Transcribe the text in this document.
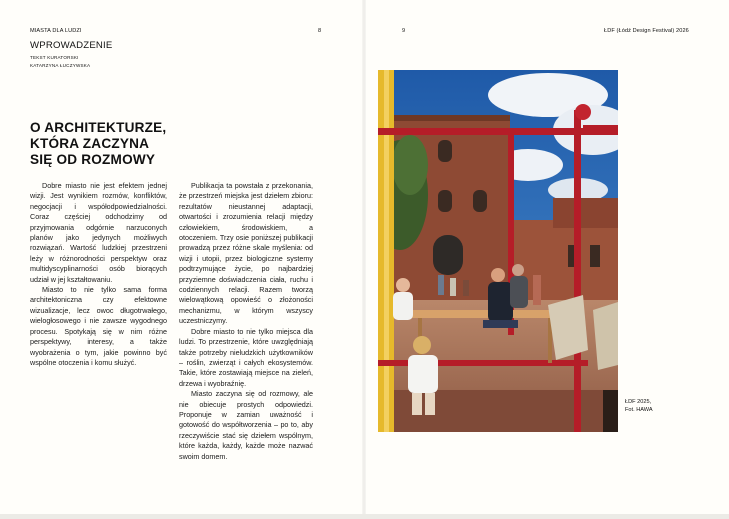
MIASTA DLA LUDZI
WPROWADZENIE
TEKST KURATORSKI
KATARZYNA ŁUCZYWSKA
8
O ARCHITEKTURZE,
KTÓRA ZACZYNA
SIĘ OD ROZMOWY

Dobre miasto nie jest efektem jednej wizji. Jest wynikiem rozmów, konfliktów, negocjacji i współodpowiedzialności. Coraz częściej odchodzimy od przyjmowania odgórnie narzuconych planów jako jedynych możliwych rozwiązań. Wartość ludzkiej przestrzeni leży w różnorodności perspektyw oraz multidyscyplinarności osób biorących udział w jej kształtowaniu.

Miasto to nie tylko sama forma architektoniczna czy efektowne wizualizacje, lecz owoc długotrwałego, wielogłosowego i nie zawsze wygodnego procesu. Spotykają się w nim różne perspektywy, interesy, a także wyobrażenia o tym, jakie powinno być wspólne otoczenia i komu służyć.

Publikacja ta powstała z przekonania, że przestrzeń miejska jest dziełem zbioru: rezultatów nieustannej adaptacji, otwartości i zrozumienia relacji między człowiekiem, środowiskiem, a otoczeniem. Trzy osie poniższej publikacji prowadzą przez różne skale myślenia: od wizji i utopii, przez biologiczne systemy podtrzymujące życie, po najbardziej przyziemne doświadczenia ciała, ruchu i codziennych relacji. Razem tworzą wielowątkową opowieść o złożoności mechanizmu, w którym wszyscy uczestniczymy.

Dobre miasto to nie tylko miejsca dla ludzi. To przestrzenie, które uwzględniają także potrzeby nieludzkich użytkowników – roślin, zwierząt i całych ekosystemów. Takie, które zostawiają miejsce na zieleń, drzewa i wyobraźnię.

Miasto zaczyna się od rozmowy, ale nie obiecuje prostych odpowiedzi. Proponuje w zamian uważność i gotowość do współtworzenia – po to, aby rzeczywiście stać się dziełem wspólnym, które każda, każdy, każde może nazwać swoim domem.

9	ŁDF (Łódź Design Festival) 2026
ŁDF 2025,
Fot. HAWA
